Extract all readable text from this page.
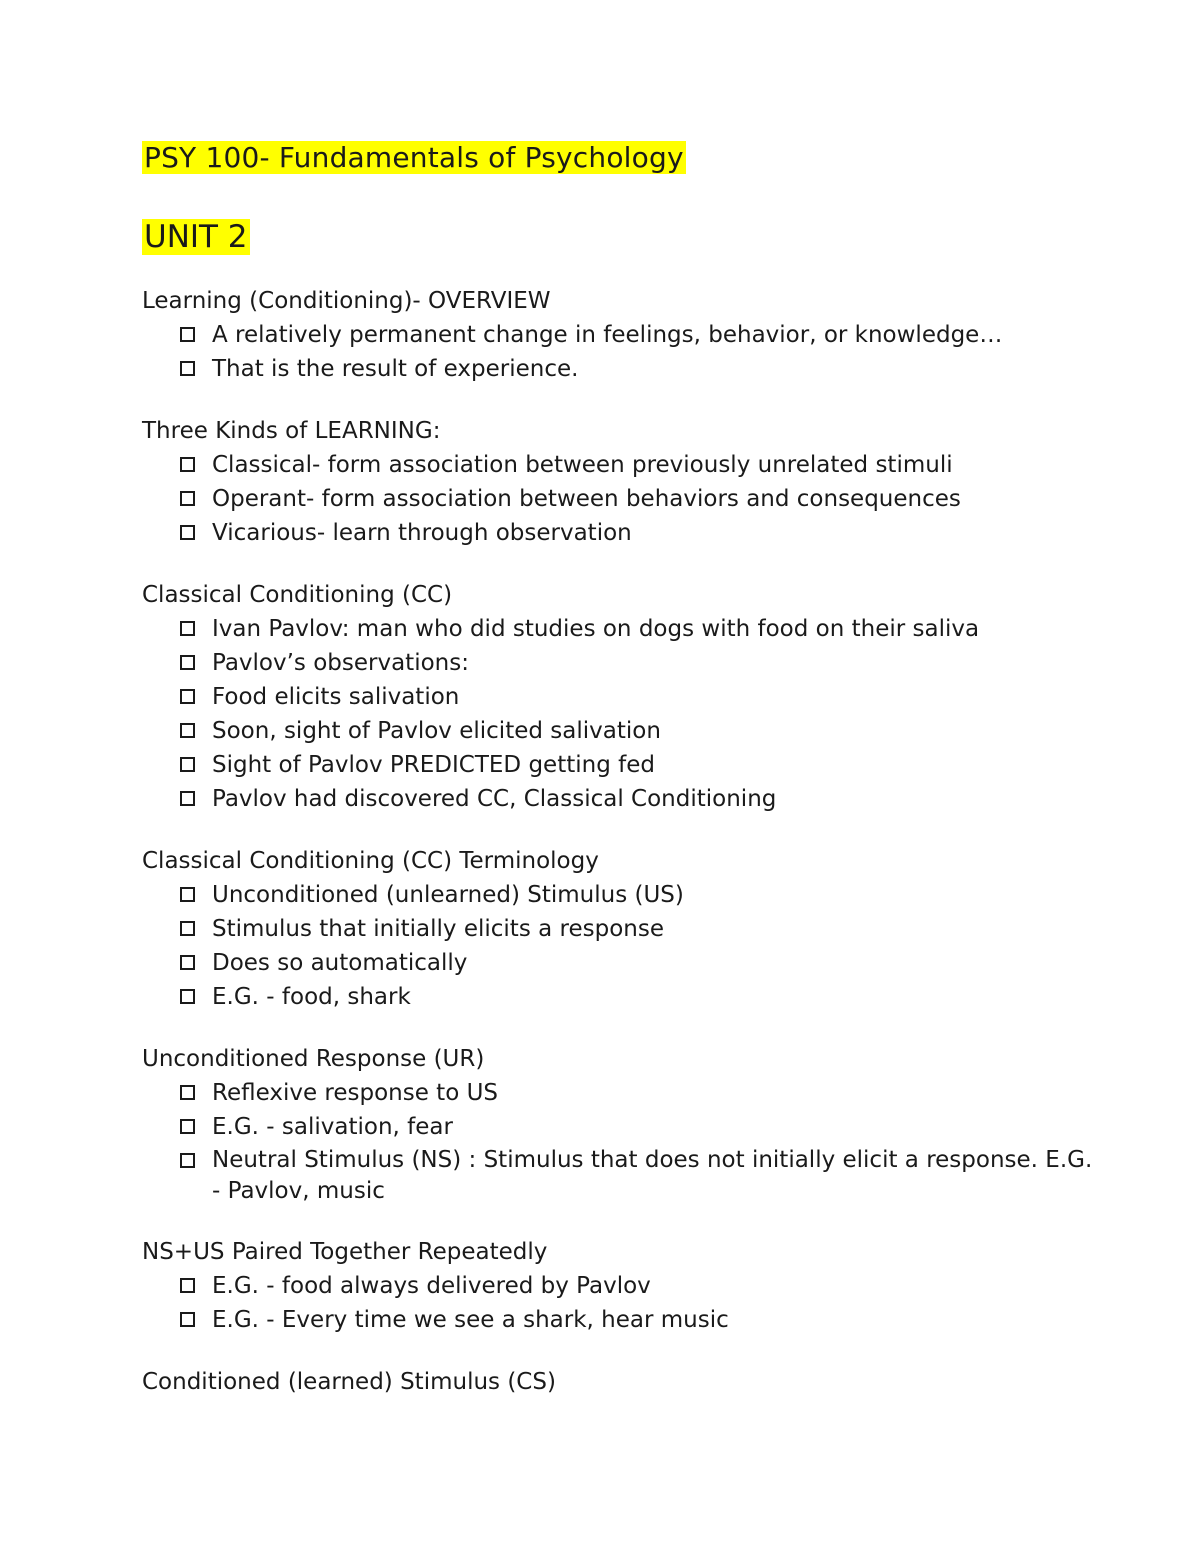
PSY 100- Fundamentals of Psychology
UNIT 2

Learning (Conditioning)- OVERVIEW

A relatively permanent change in feelings, behavior, or knowledge…
That is the result of experience.

Three Kinds of LEARNING:

Classical- form association between previously unrelated stimuli
Operant- form association between behaviors and consequences
Vicarious- learn through observation

Classical Conditioning (CC)

Ivan Pavlov: man who did studies on dogs with food on their saliva
Pavlov’s observations:
Food elicits salivation
Soon, sight of Pavlov elicited salivation
Sight of Pavlov PREDICTED getting fed
Pavlov had discovered CC, Classical Conditioning

Classical Conditioning (CC) Terminology

Unconditioned (unlearned) Stimulus (US)
Stimulus that initially elicits a response
Does so automatically
E.G. - food, shark

Unconditioned Response (UR)

Reflexive response to US
E.G. - salivation, fear
Neutral Stimulus (NS) : Stimulus that does not initially elicit a response. E.G. - Pavlov, music

NS+US Paired Together Repeatedly

E.G. - food always delivered by Pavlov
E.G. - Every time we see a shark, hear music

Conditioned (learned) Stimulus (CS)
